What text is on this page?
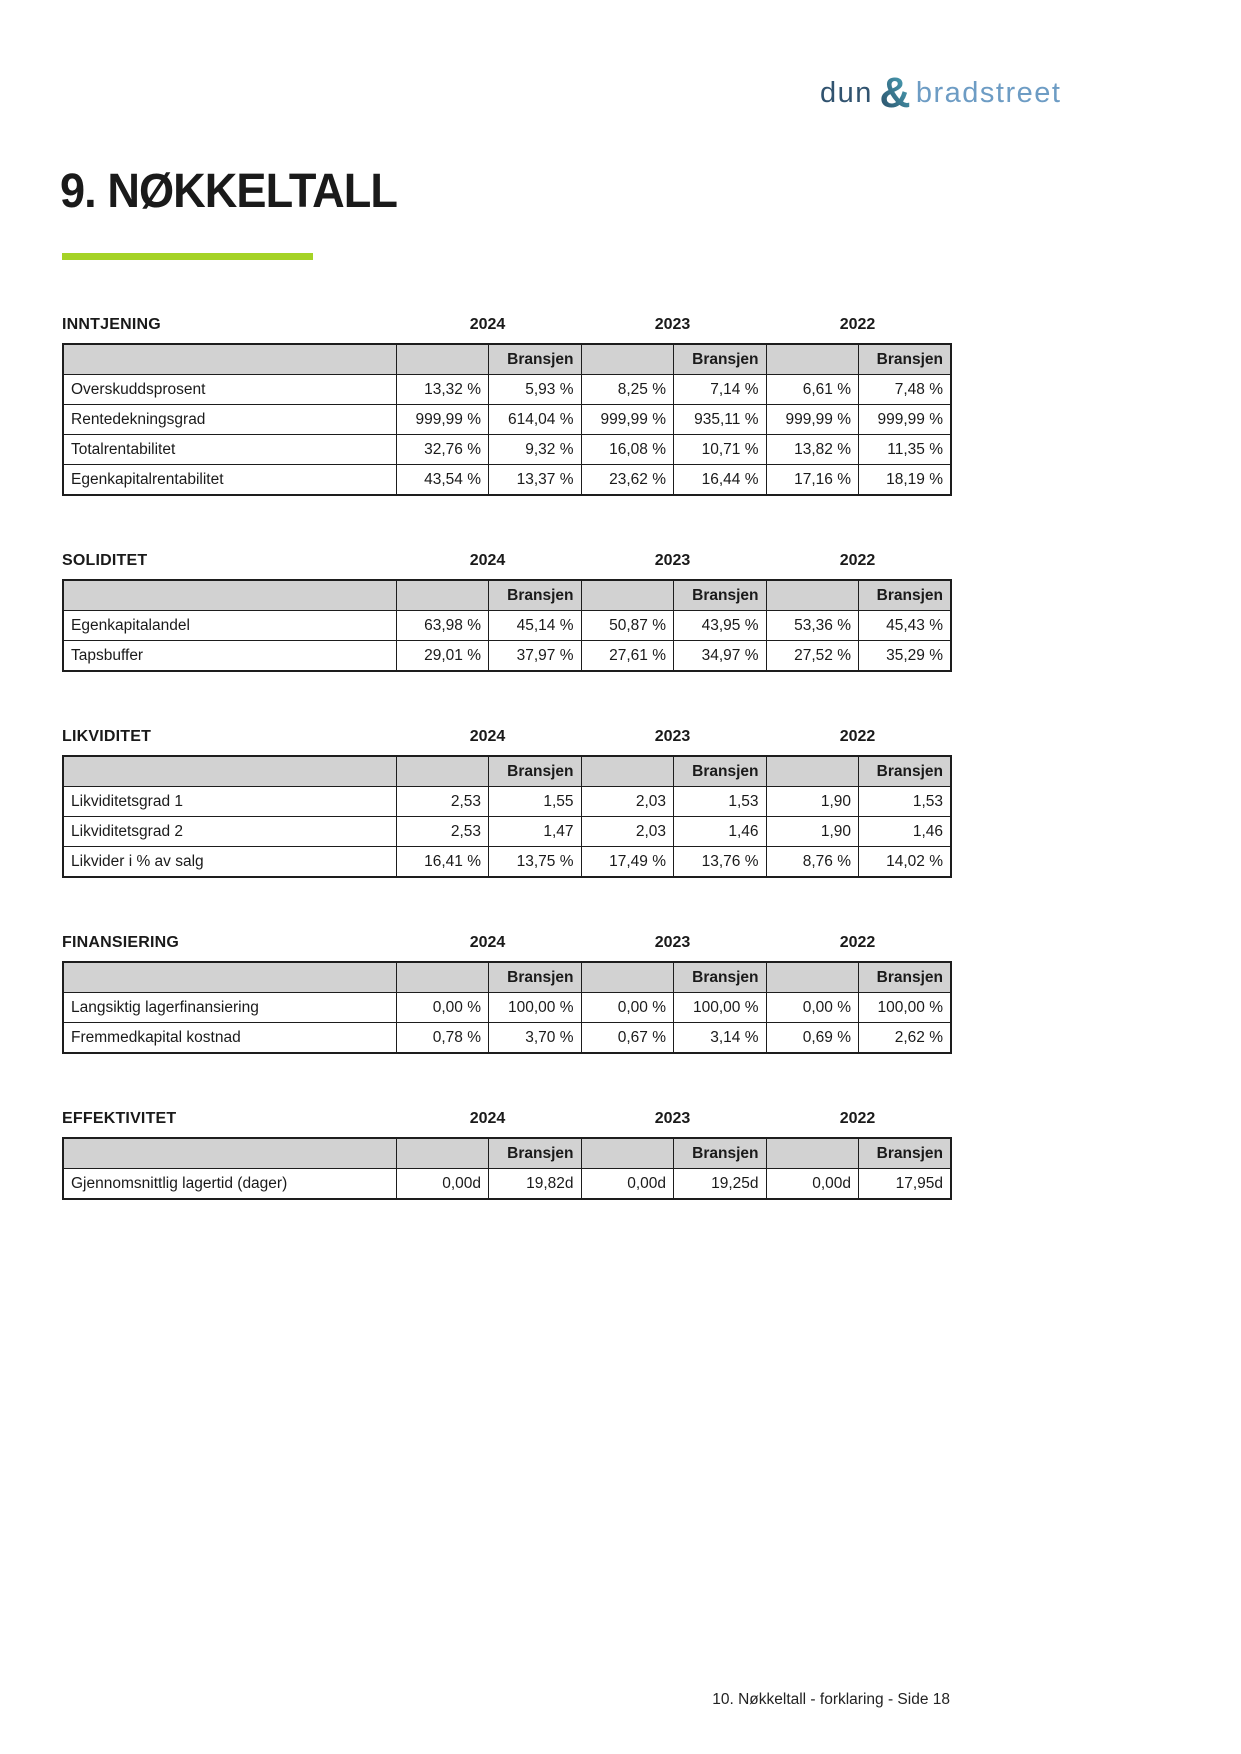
dun & bradstreet
9. NØKKELTALL
INNTJENING	2024	2023	2022
		Bransjen		Bransjen		Bransjen
Overskuddsprosent	13,32 %	5,93 %	8,25 %	7,14 %	6,61 %	7,48 %
Rentedekningsgrad	999,99 %	614,04 %	999,99 %	935,11 %	999,99 %	999,99 %
Totalrentabilitet	32,76 %	9,32 %	16,08 %	10,71 %	13,82 %	11,35 %
Egenkapitalrentabilitet	43,54 %	13,37 %	23,62 %	16,44 %	17,16 %	18,19 %
SOLIDITET	2024	2023	2022
		Bransjen		Bransjen		Bransjen
Egenkapitalandel	63,98 %	45,14 %	50,87 %	43,95 %	53,36 %	45,43 %
Tapsbuffer	29,01 %	37,97 %	27,61 %	34,97 %	27,52 %	35,29 %
LIKVIDITET	2024	2023	2022
		Bransjen		Bransjen		Bransjen
Likviditetsgrad 1	2,53	1,55	2,03	1,53	1,90	1,53
Likviditetsgrad 2	2,53	1,47	2,03	1,46	1,90	1,46
Likvider i % av salg	16,41 %	13,75 %	17,49 %	13,76 %	8,76 %	14,02 %
FINANSIERING	2024	2023	2022
		Bransjen		Bransjen		Bransjen
Langsiktig lagerfinansiering	0,00 %	100,00 %	0,00 %	100,00 %	0,00 %	100,00 %
Fremmedkapital kostnad	0,78 %	3,70 %	0,67 %	3,14 %	0,69 %	2,62 %
EFFEKTIVITET	2024	2023	2022
		Bransjen		Bransjen		Bransjen
Gjennomsnittlig lagertid (dager)	0,00d	19,82d	0,00d	19,25d	0,00d	17,95d
10. Nøkkeltall - forklaring - Side 18
